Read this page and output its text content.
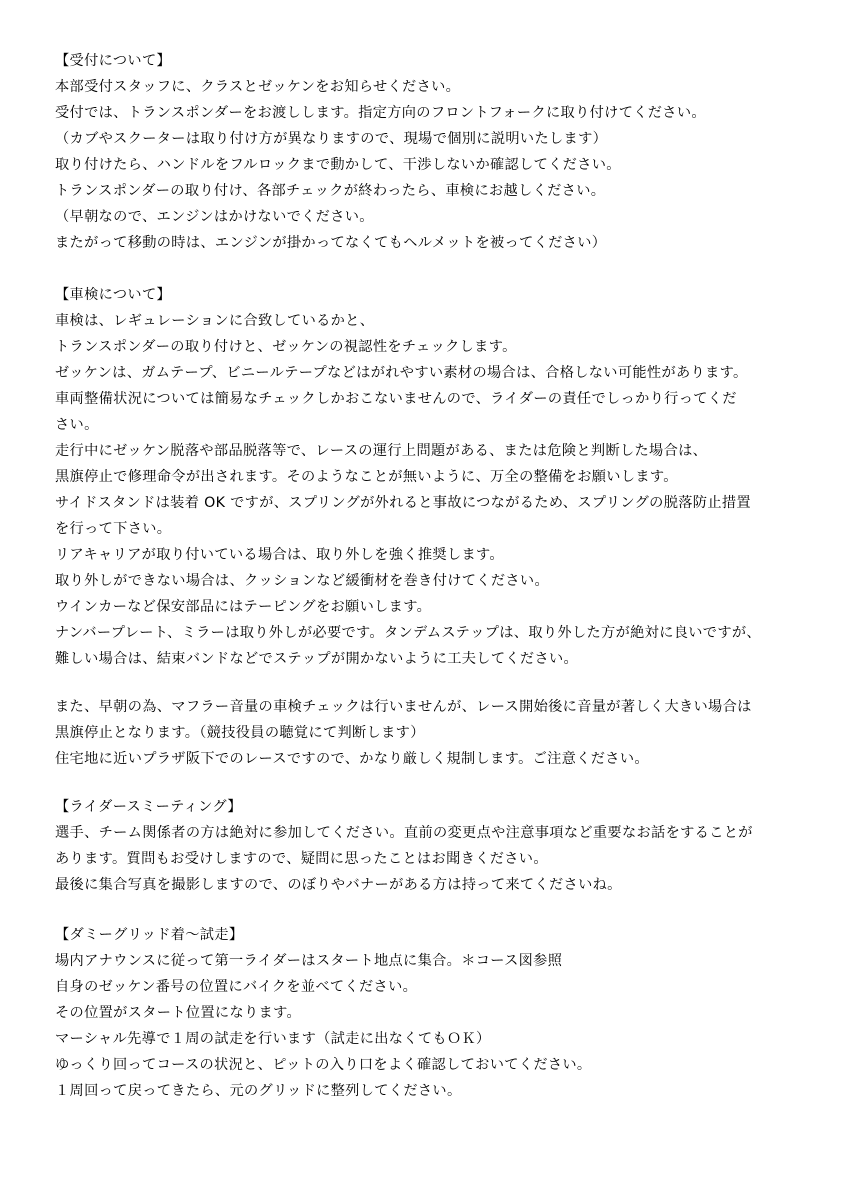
【受付について】
本部受付スタッフに、クラスとゼッケンをお知らせください。
受付では、トランスポンダーをお渡しします。指定方向のフロントフォークに取り付けてください。
（カブやスクーターは取り付け方が異なりますので、現場で個別に説明いたします）
取り付けたら、ハンドルをフルロックまで動かして、干渉しないか確認してください。
トランスポンダーの取り付け、各部チェックが終わったら、車検にお越しください。
（早朝なので、エンジンはかけないでください。
またがって移動の時は、エンジンが掛かってなくてもヘルメットを被ってください）
【車検について】
車検は、レギュレーションに合致しているかと、
トランスポンダーの取り付けと、ゼッケンの視認性をチェックします。
ゼッケンは、ガムテープ、ビニールテープなどはがれやすい素材の場合は、合格しない可能性があります。
車両整備状況については簡易なチェックしかおこないませんので、ライダーの責任でしっかり行ってくだ
さい。
走行中にゼッケン脱落や部品脱落等で、レースの運行上問題がある、または危険と判断した場合は、
黒旗停止で修理命令が出されます。そのようなことが無いように、万全の整備をお願いします。
サイドスタンドは装着 OK ですが、スプリングが外れると事故につながるため、スプリングの脱落防止措置
を行って下さい。
リアキャリアが取り付いている場合は、取り外しを強く推奨します。
取り外しができない場合は、クッションなど緩衝材を巻き付けてください。
ウインカーなど保安部品にはテーピングをお願いします。
ナンバープレート、ミラーは取り外しが必要です。タンデムステップは、取り外した方が絶対に良いですが、
難しい場合は、結束バンドなどでステップが開かないように工夫してください。
また、早朝の為、マフラー音量の車検チェックは行いませんが、レース開始後に音量が著しく大きい場合は
黒旗停止となります。（競技役員の聴覚にて判断します）
住宅地に近いプラザ阪下でのレースですので、かなり厳しく規制します。ご注意ください。
【ライダースミーティング】
選手、チーム関係者の方は絶対に参加してください。直前の変更点や注意事項など重要なお話をすることが
あります。質問もお受けしますので、疑問に思ったことはお聞きください。
最後に集合写真を撮影しますので、のぼりやバナーがある方は持って来てくださいね。
【ダミーグリッド着～試走】
場内アナウンスに従って第一ライダーはスタート地点に集合。＊コース図参照
自身のゼッケン番号の位置にバイクを並べてください。
その位置がスタート位置になります。
マーシャル先導で１周の試走を行います（試走に出なくてもＯＫ）
ゆっくり回ってコースの状況と、ピットの入り口をよく確認しておいてください。
１周回って戻ってきたら、元のグリッドに整列してください。
